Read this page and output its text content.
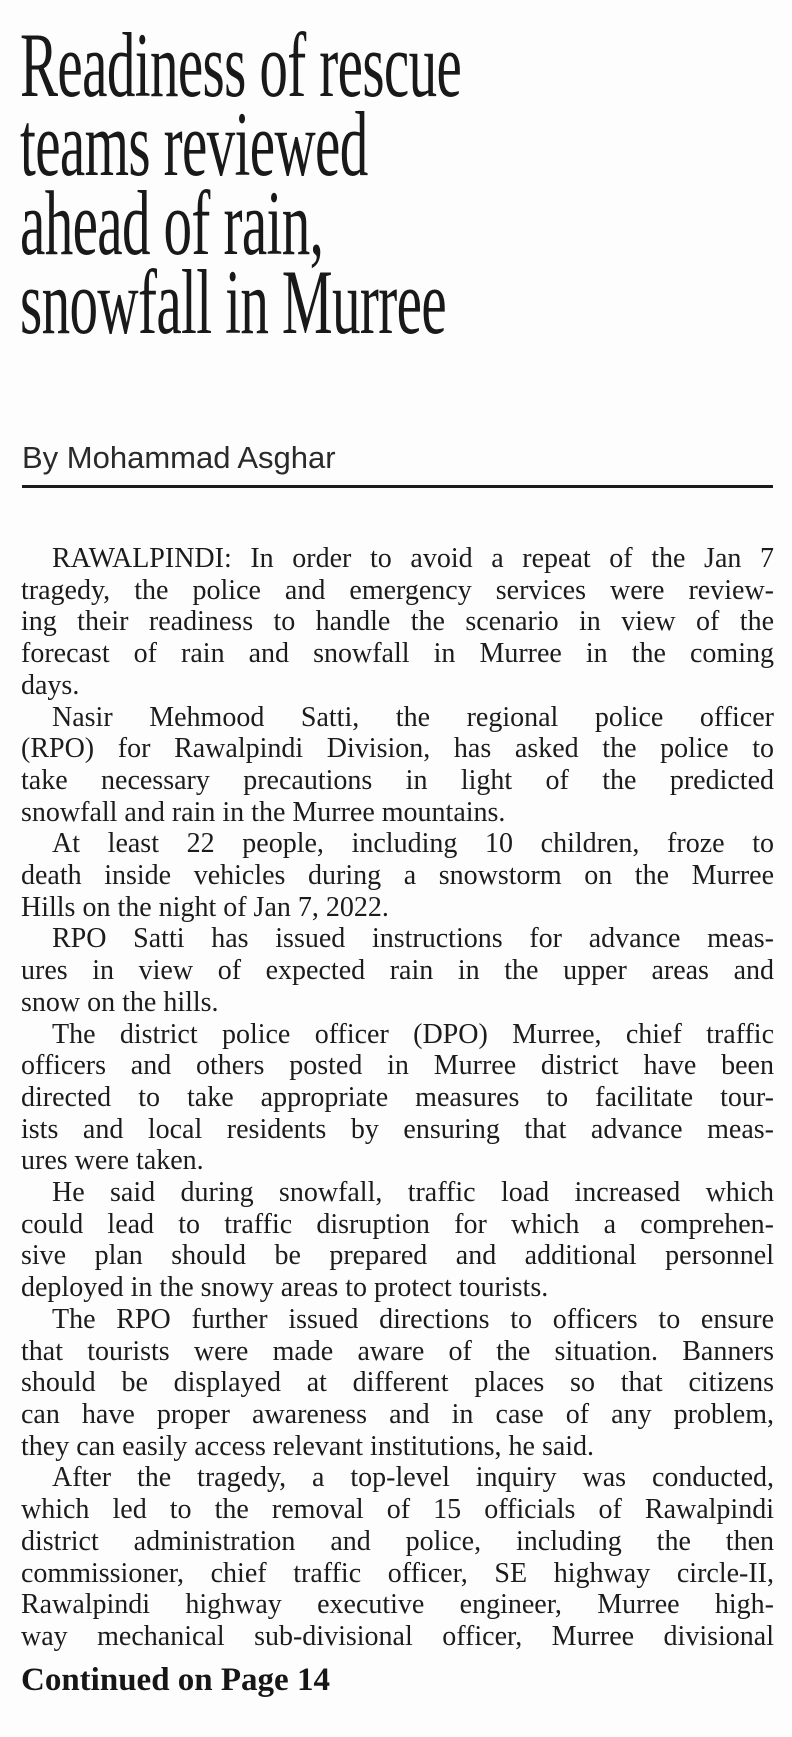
Readiness of rescue
teams reviewed
ahead of rain,
snowfall in Murree
By Mohammad Asghar
RAWALPINDI: In order to avoid a repeat of the Jan 7
tragedy, the police and emergency services were review-
ing their readiness to handle the scenario in view of the
forecast of rain and snowfall in Murree in the coming
days.
Nasir Mehmood Satti, the regional police officer
(RPO) for Rawalpindi Division, has asked the police to
take necessary precautions in light of the predicted
snowfall and rain in the Murree mountains.
At least 22 people, including 10 children, froze to
death inside vehicles during a snowstorm on the Murree
Hills on the night of Jan 7, 2022.
RPO Satti has issued instructions for advance meas-
ures in view of expected rain in the upper areas and
snow on the hills.
The district police officer (DPO) Murree, chief traffic
officers and others posted in Murree district have been
directed to take appropriate measures to facilitate tour-
ists and local residents by ensuring that advance meas-
ures were taken.
He said during snowfall, traffic load increased which
could lead to traffic disruption for which a comprehen-
sive plan should be prepared and additional personnel
deployed in the snowy areas to protect tourists.
The RPO further issued directions to officers to ensure
that tourists were made aware of the situation. Banners
should be displayed at different places so that citizens
can have proper awareness and in case of any problem,
they can easily access relevant institutions, he said.
After the tragedy, a top-level inquiry was conducted,
which led to the removal of 15 officials of Rawalpindi
district administration and police, including the then
commissioner, chief traffic officer, SE highway circle-II,
Rawalpindi highway executive engineer, Murree high-
way mechanical sub-divisional officer, Murree divisional
Continued on Page 14
